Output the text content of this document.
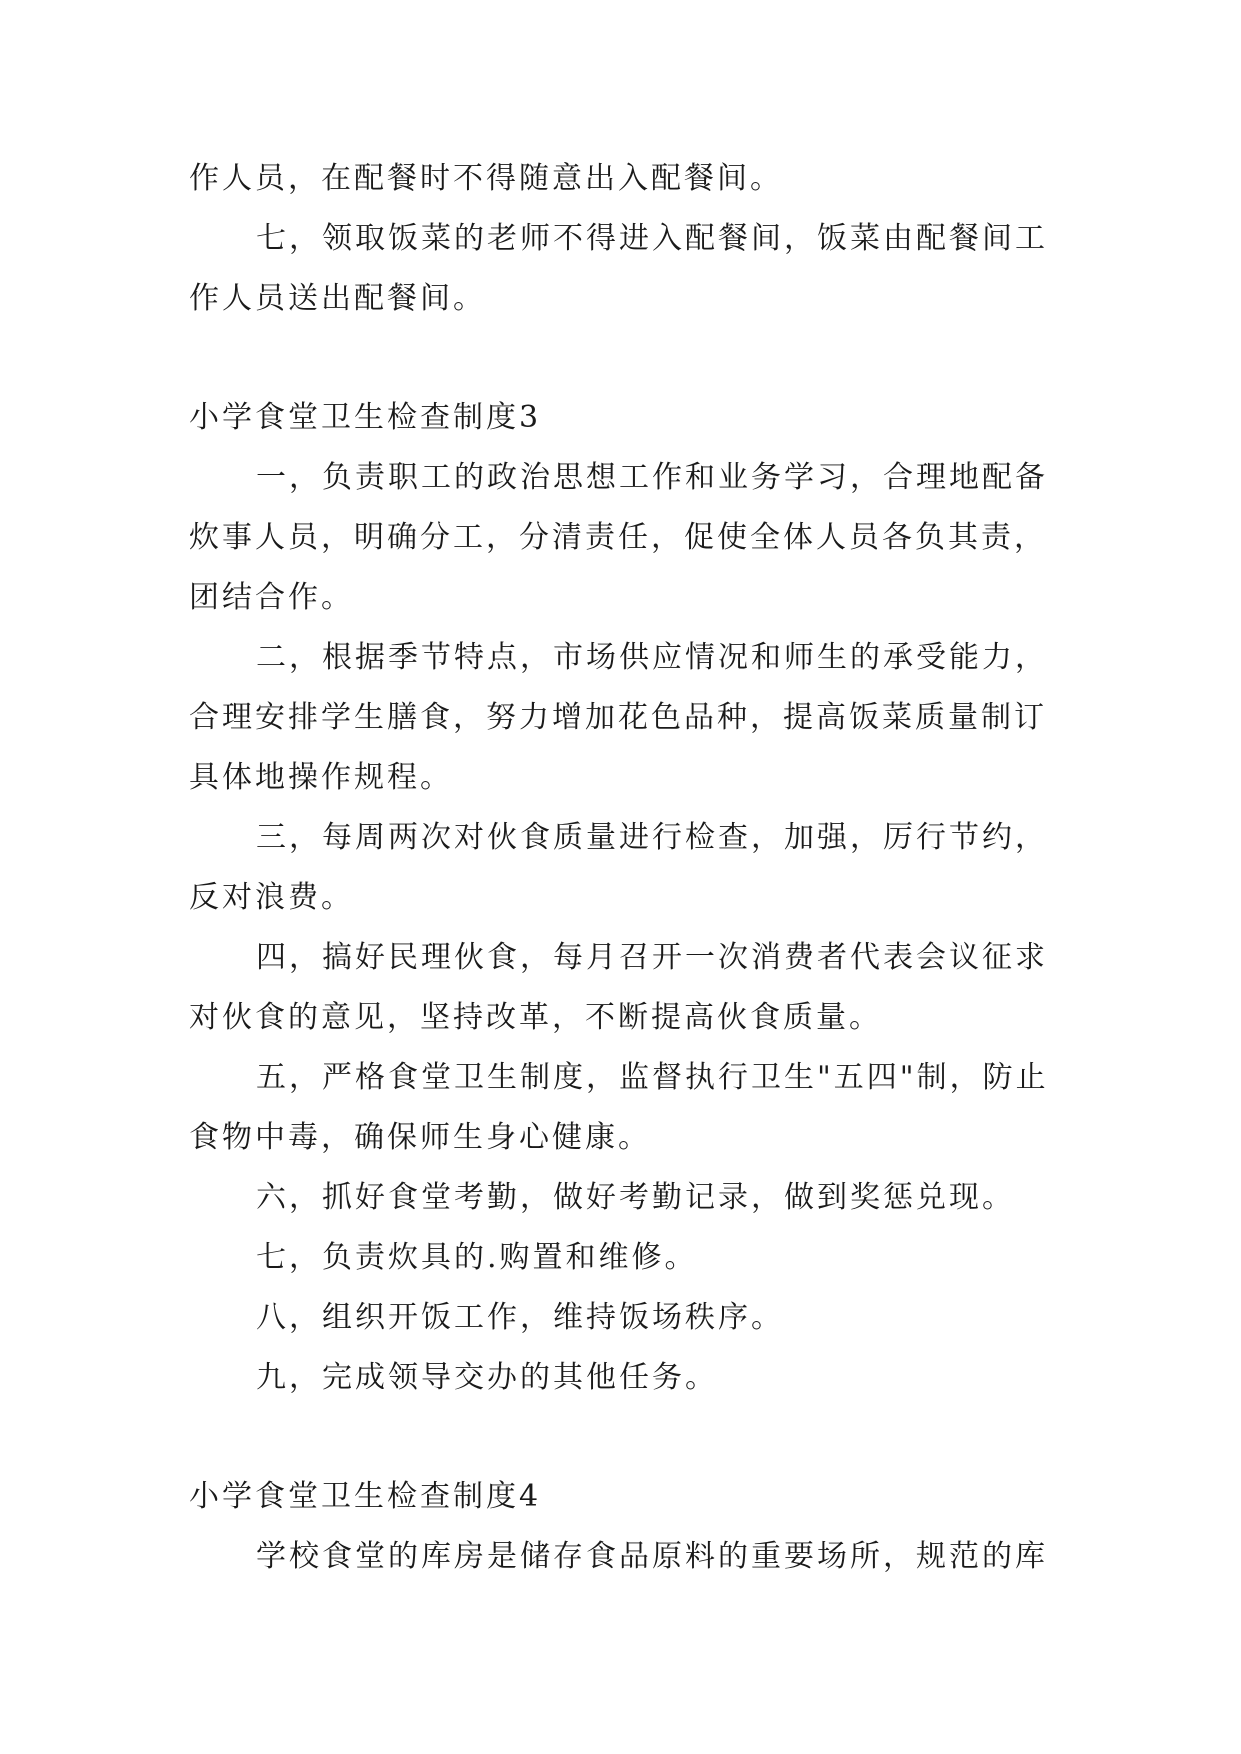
作人员，在配餐时不得随意出入配餐间。
七，领取饭菜的老师不得进入配餐间，饭菜由配餐间工
作人员送出配餐间。
小学食堂卫生检查制度3
一，负责职工的政治思想工作和业务学习，合理地配备
炊事人员，明确分工，分清责任，促使全体人员各负其责，
团结合作。
二，根据季节特点，市场供应情况和师生的承受能力，
合理安排学生膳食，努力增加花色品种，提高饭菜质量制订
具体地操作规程。
三，每周两次对伙食质量进行检查，加强，厉行节约，
反对浪费。
四，搞好民理伙食，每月召开一次消费者代表会议征求
对伙食的意见，坚持改革，不断提高伙食质量。
五，严格食堂卫生制度，监督执行卫生"五四"制，防止
食物中毒，确保师生身心健康。
六，抓好食堂考勤，做好考勤记录，做到奖惩兑现。
七，负责炊具的.购置和维修。
八，组织开饭工作，维持饭场秩序。
九，完成领导交办的其他任务。
小学食堂卫生检查制度4
学校食堂的库房是储存食品原料的重要场所，规范的库
